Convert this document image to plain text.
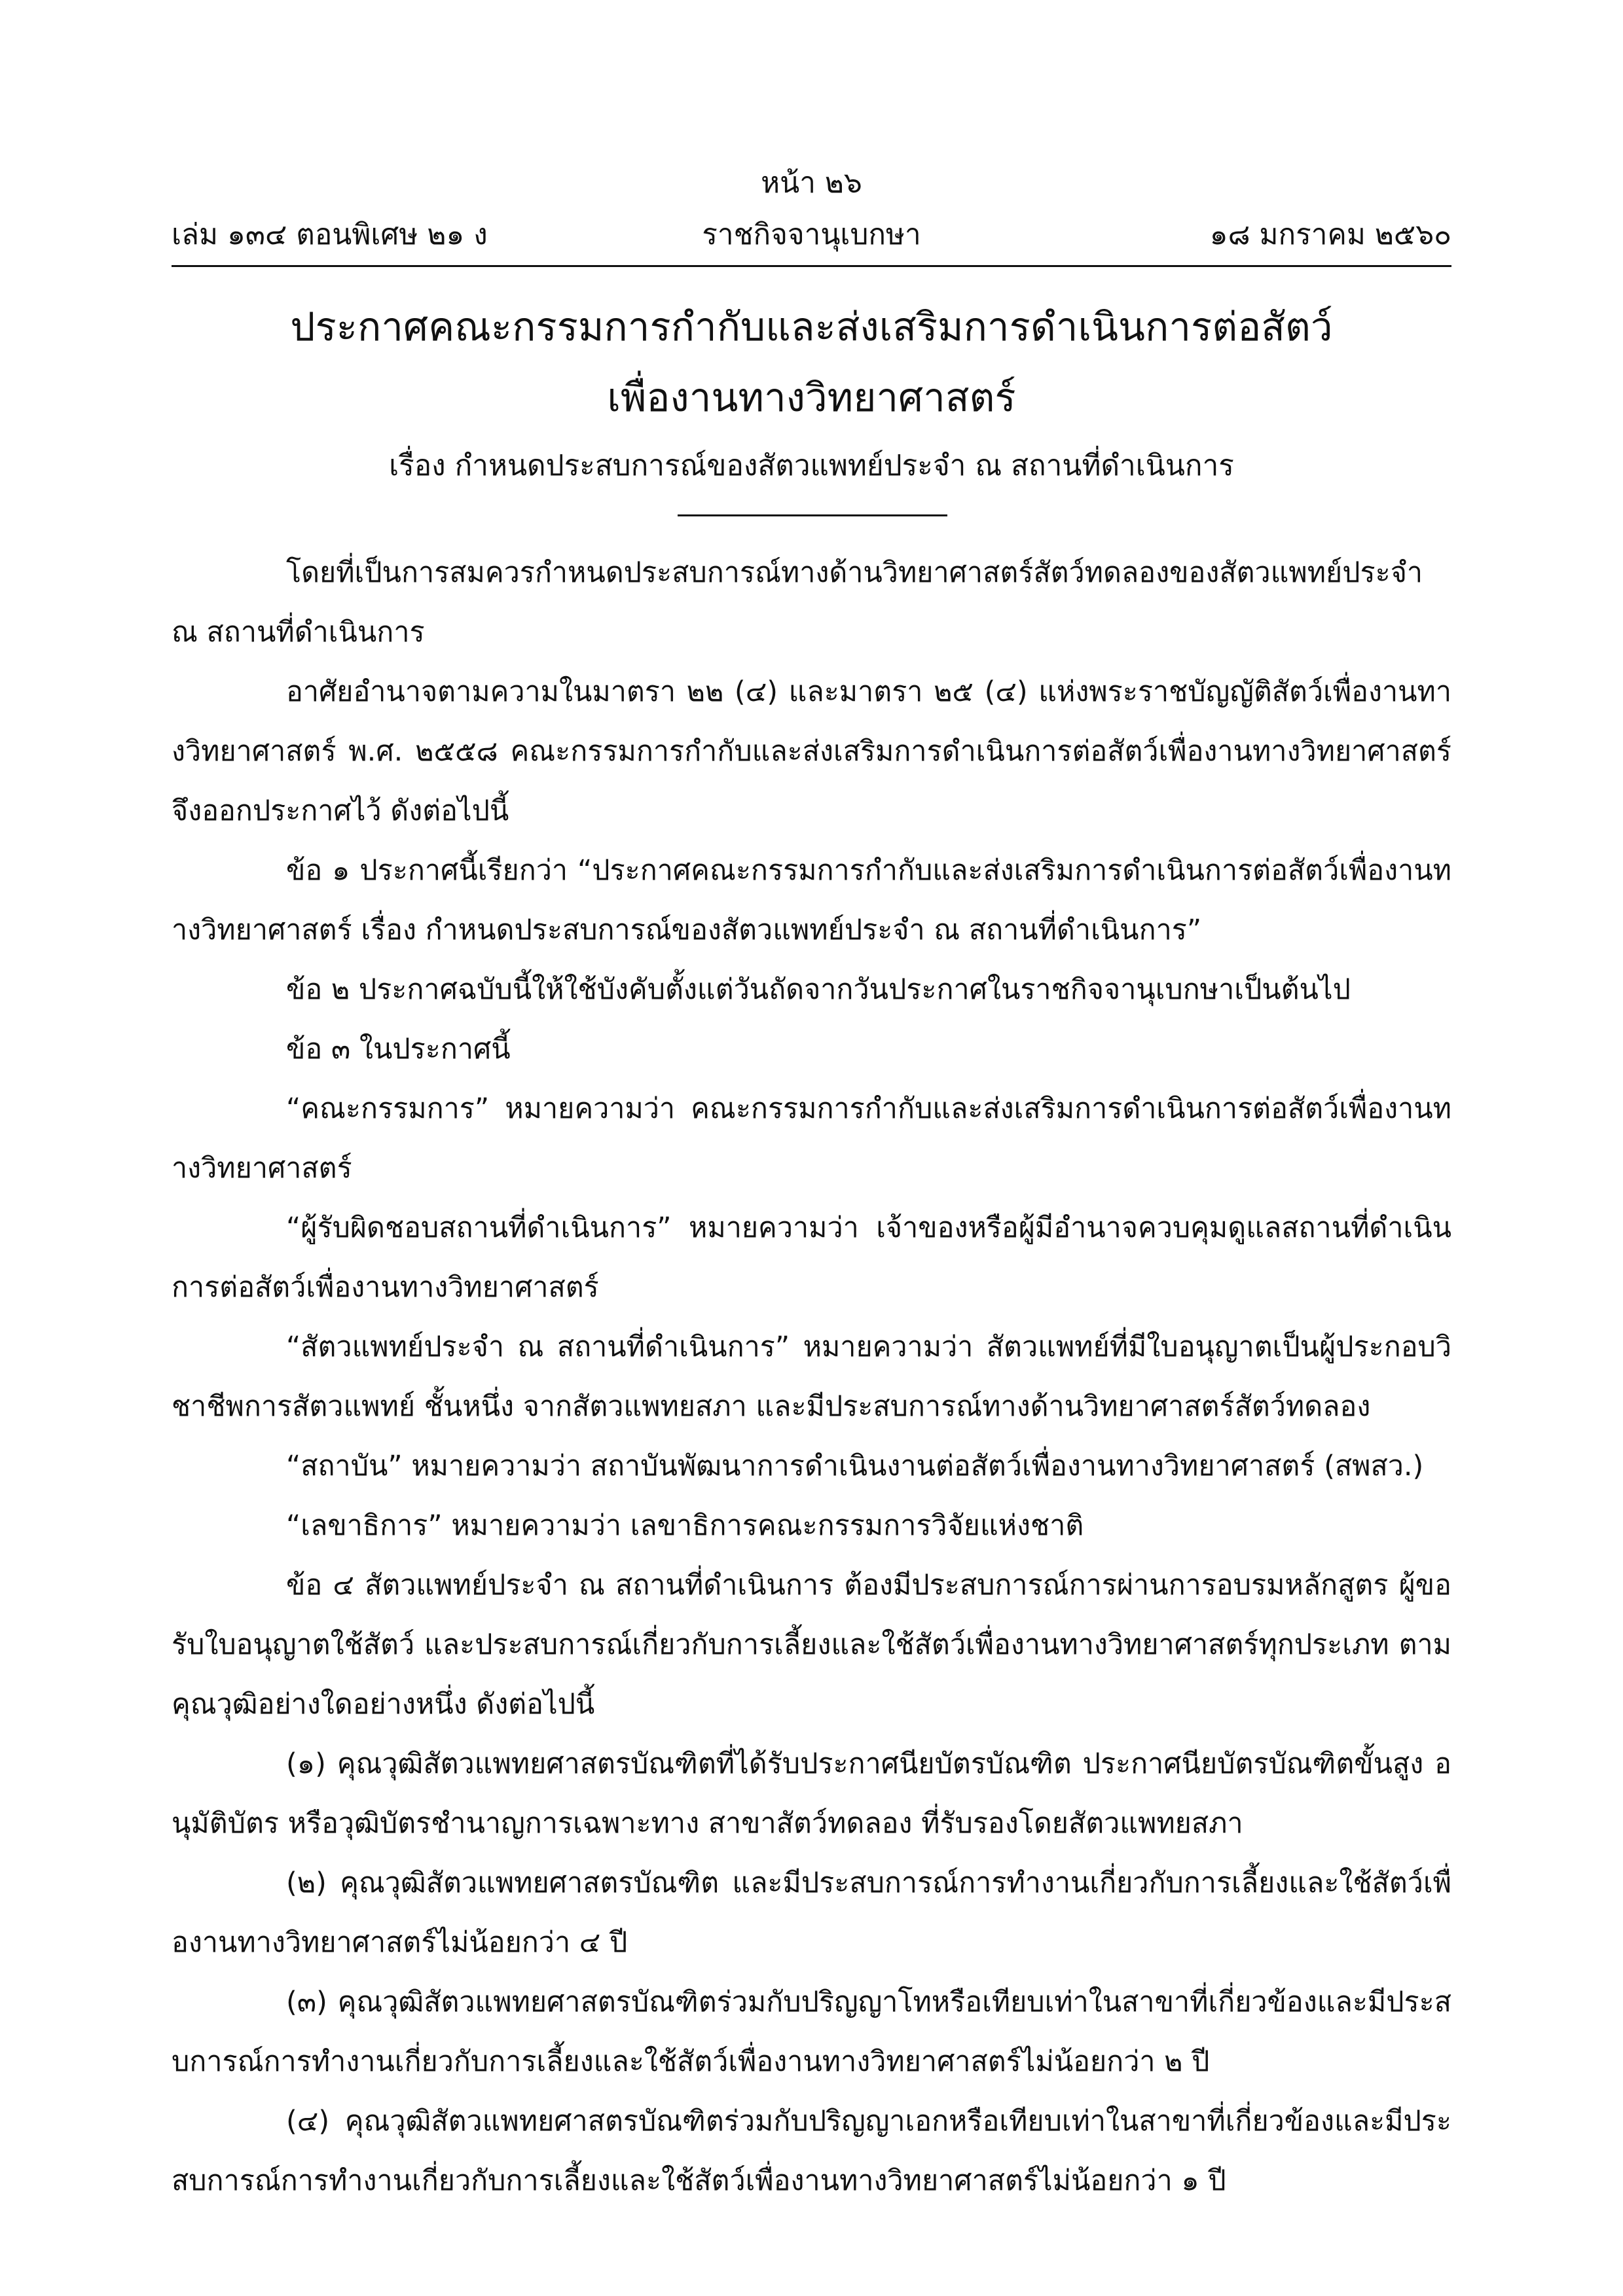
หน้า ๒๖
ราชกิจจานุเบกษา
เล่ม ๑๓๔ ตอนพิเศษ ๒๑ ง	๑๘ มกราคม ๒๕๖๐
ประกาศคณะกรรมการกำกับและส่งเสริมการดำเนินการต่อสัตว์
เพื่องานทางวิทยาศาสตร์
เรื่อง กำหนดประสบการณ์ของสัตวแพทย์ประจำ ณ สถานที่ดำเนินการ

โดยที่เป็นการสมควรกำหนดประสบการณ์ทางด้านวิทยาศาสตร์สัตว์ทดลองของสัตวแพทย์ประจำ ณ สถานที่ดำเนินการ

อาศัยอำนาจตามความในมาตรา ๒๒ (๔) และมาตรา ๒๕ (๔) แห่งพระราชบัญญัติสัตว์เพื่องานทางวิทยาศาสตร์ พ.ศ. ๒๕๕๘ คณะกรรมการกำกับและส่งเสริมการดำเนินการต่อสัตว์เพื่องานทางวิทยาศาสตร์จึงออกประกาศไว้ ดังต่อไปนี้

ข้อ ๑ ประกาศนี้เรียกว่า “ประกาศคณะกรรมการกำกับและส่งเสริมการดำเนินการต่อสัตว์เพื่องานทางวิทยาศาสตร์ เรื่อง กำหนดประสบการณ์ของสัตวแพทย์ประจำ ณ สถานที่ดำเนินการ”

ข้อ ๒ ประกาศฉบับนี้ให้ใช้บังคับตั้งแต่วันถัดจากวันประกาศในราชกิจจานุเบกษาเป็นต้นไป

ข้อ ๓ ในประกาศนี้

“คณะกรรมการ” หมายความว่า คณะกรรมการกำกับและส่งเสริมการดำเนินการต่อสัตว์เพื่องานทางวิทยาศาสตร์

“ผู้รับผิดชอบสถานที่ดำเนินการ” หมายความว่า เจ้าของหรือผู้มีอำนาจควบคุมดูแลสถานที่ดำเนินการต่อสัตว์เพื่องานทางวิทยาศาสตร์

“สัตวแพทย์ประจำ ณ สถานที่ดำเนินการ” หมายความว่า สัตวแพทย์ที่มีใบอนุญาตเป็นผู้ประกอบวิชาชีพการสัตวแพทย์ ชั้นหนึ่ง จากสัตวแพทยสภา และมีประสบการณ์ทางด้านวิทยาศาสตร์สัตว์ทดลอง

“สถาบัน” หมายความว่า สถาบันพัฒนาการดำเนินงานต่อสัตว์เพื่องานทางวิทยาศาสตร์ (สพสว.)

“เลขาธิการ” หมายความว่า เลขาธิการคณะกรรมการวิจัยแห่งชาติ

ข้อ ๔ สัตวแพทย์ประจำ ณ สถานที่ดำเนินการ ต้องมีประสบการณ์การผ่านการอบรมหลักสูตร ผู้ขอรับใบอนุญาตใช้สัตว์ และประสบการณ์เกี่ยวกับการเลี้ยงและใช้สัตว์เพื่องานทางวิทยาศาสตร์ทุกประเภท ตามคุณวุฒิอย่างใดอย่างหนึ่ง ดังต่อไปนี้

(๑) คุณวุฒิสัตวแพทยศาสตรบัณฑิตที่ได้รับประกาศนียบัตรบัณฑิต ประกาศนียบัตรบัณฑิตขั้นสูง อนุมัติบัตร หรือวุฒิบัตรชำนาญการเฉพาะทาง สาขาสัตว์ทดลอง ที่รับรองโดยสัตวแพทยสภา

(๒) คุณวุฒิสัตวแพทยศาสตรบัณฑิต และมีประสบการณ์การทำงานเกี่ยวกับการเลี้ยงและใช้สัตว์เพื่องานทางวิทยาศาสตร์ไม่น้อยกว่า ๔ ปี

(๓) คุณวุฒิสัตวแพทยศาสตรบัณฑิตร่วมกับปริญญาโทหรือเทียบเท่าในสาขาที่เกี่ยวข้องและมีประสบการณ์การทำงานเกี่ยวกับการเลี้ยงและใช้สัตว์เพื่องานทางวิทยาศาสตร์ไม่น้อยกว่า ๒ ปี

(๔) คุณวุฒิสัตวแพทยศาสตรบัณฑิตร่วมกับปริญญาเอกหรือเทียบเท่าในสาขาที่เกี่ยวข้องและมีประสบการณ์การทำงานเกี่ยวกับการเลี้ยงและใช้สัตว์เพื่องานทางวิทยาศาสตร์ไม่น้อยกว่า ๑ ปี
